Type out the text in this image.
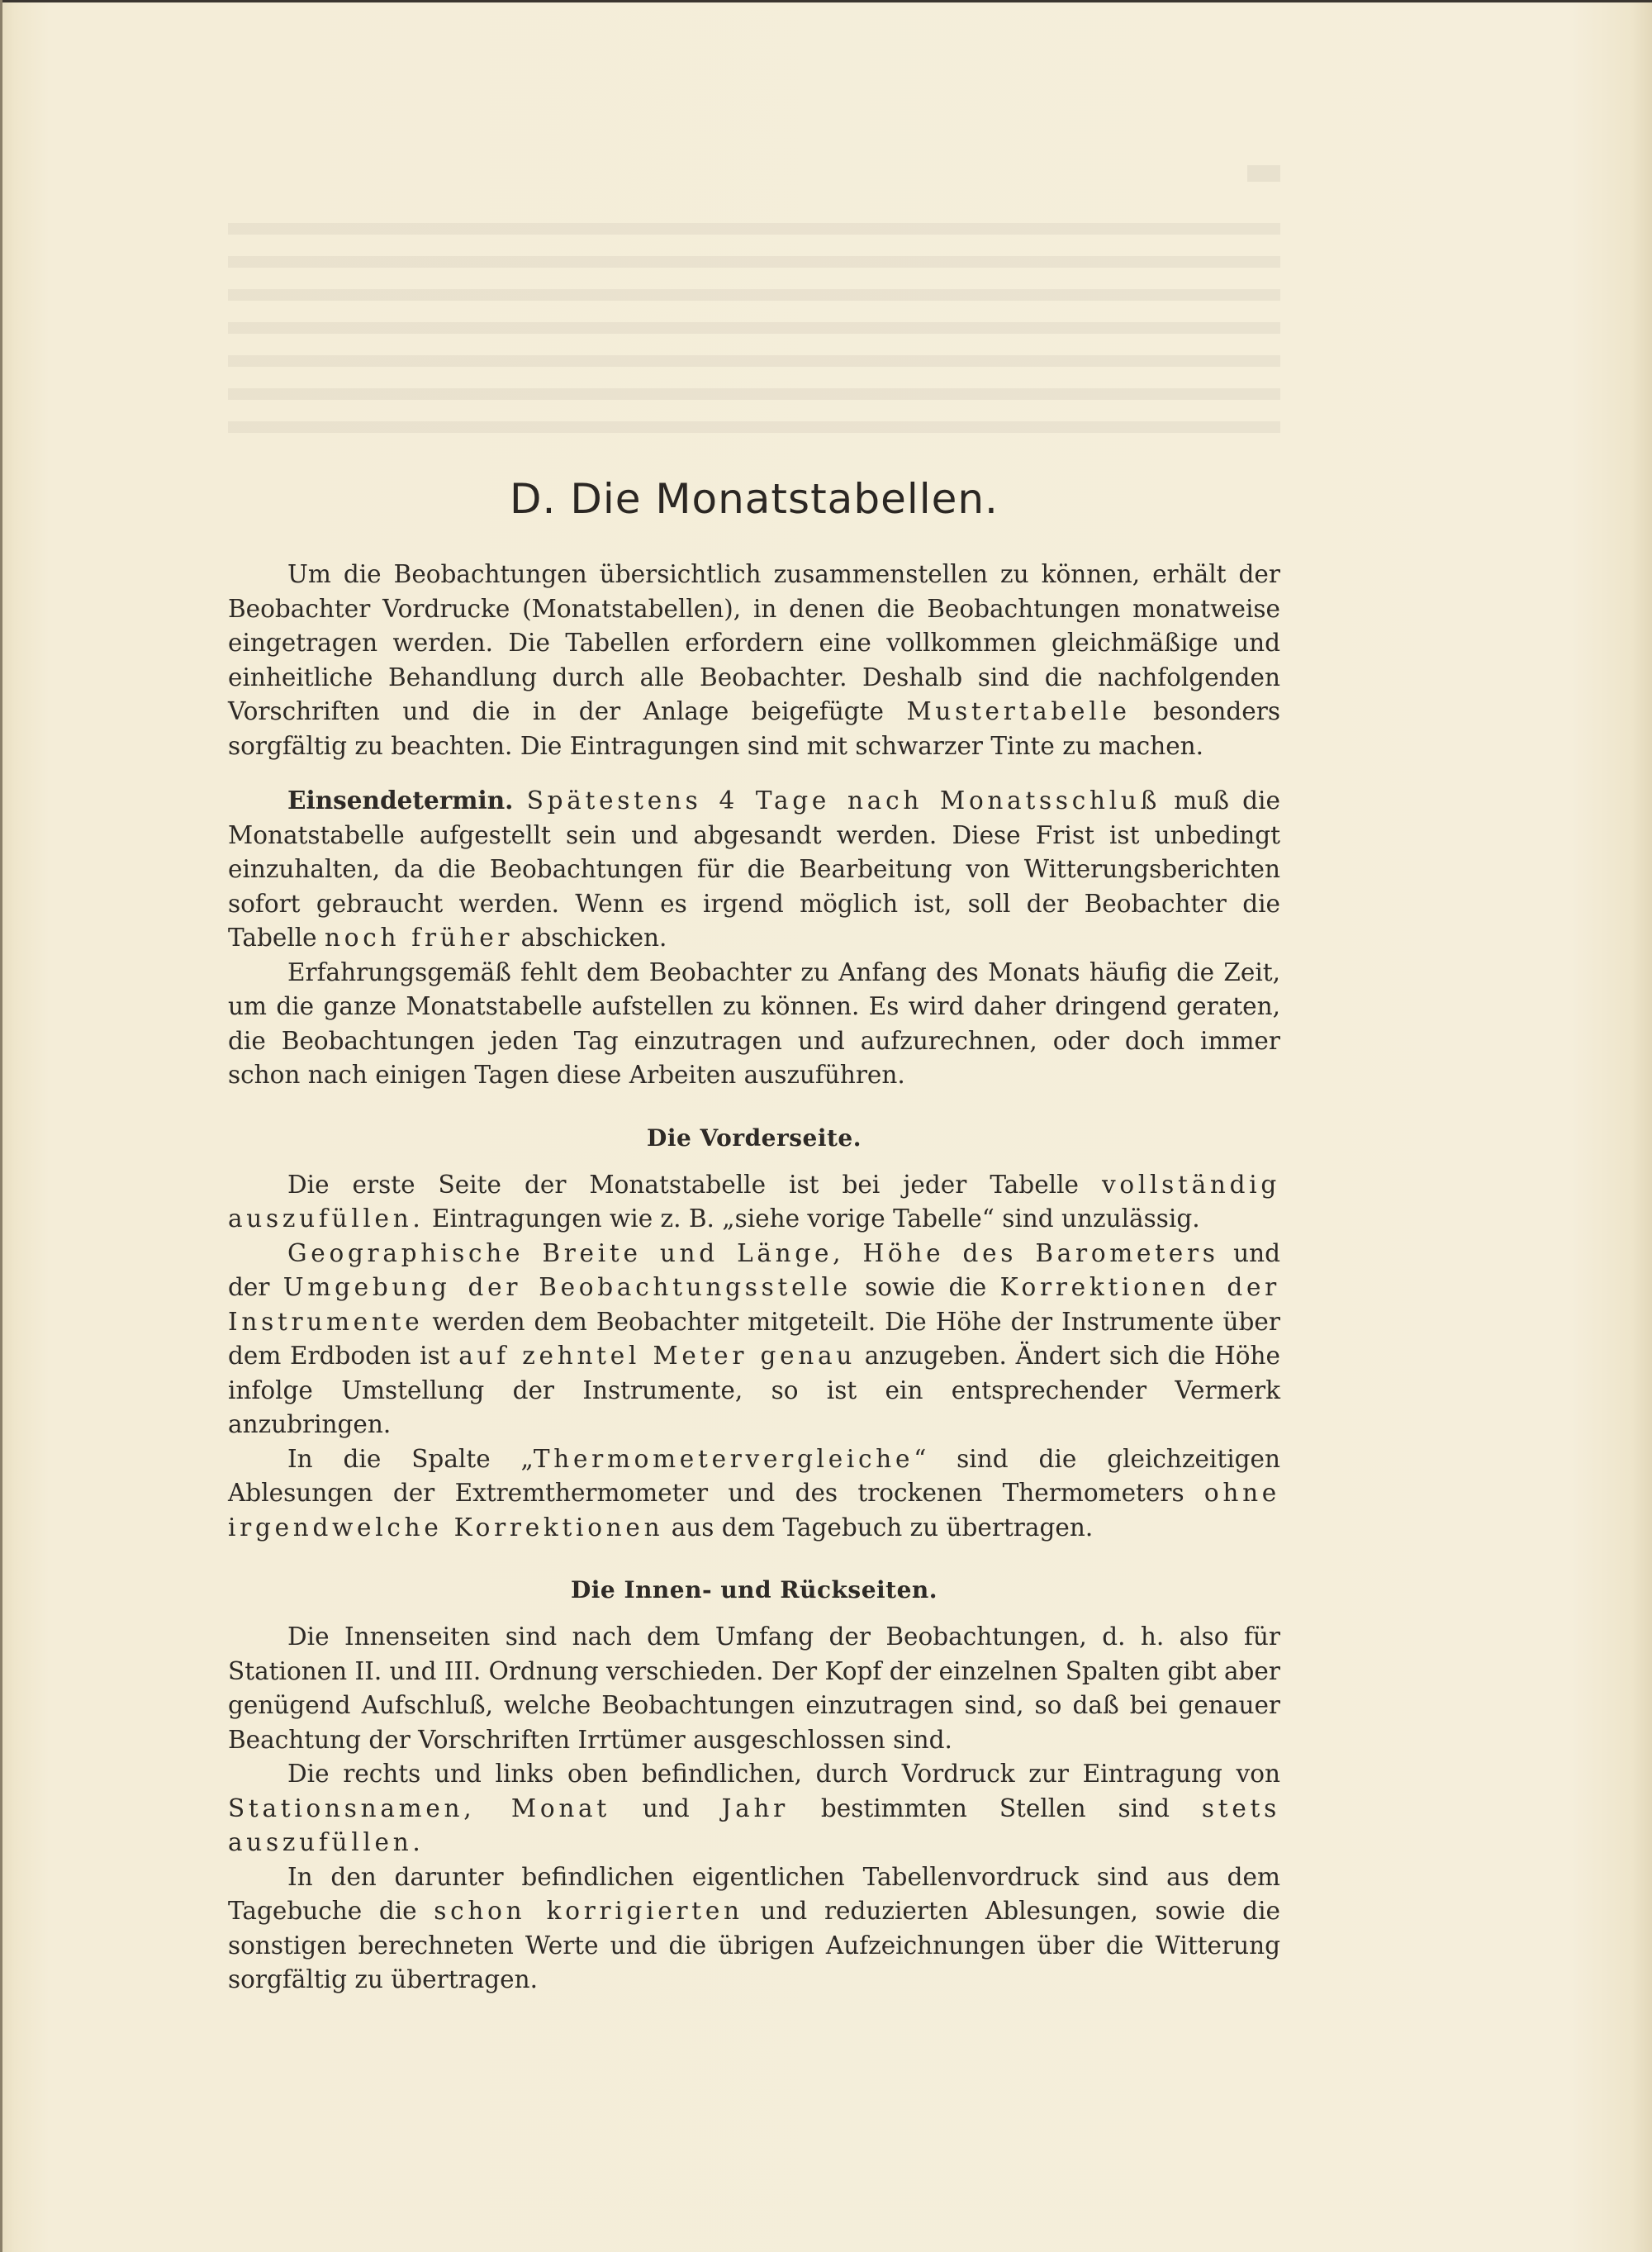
D. Die Monatstabellen.

Um die Beobachtungen übersichtlich zusammenstellen zu können, erhält der Beobachter Vordrucke (Monatstabellen), in denen die Beobachtungen monatweise eingetragen werden. Die Tabellen erfordern eine vollkommen gleichmäßige und einheitliche Behandlung durch alle Beobachter. Deshalb sind die nachfolgenden Vorschriften und die in der Anlage beigefügte Mustertabelle besonders sorgfältig zu beachten. Die Eintragungen sind mit schwarzer Tinte zu machen.

Einsendetermin. Spätestens 4 Tage nach Monatsschluß muß die Monatstabelle aufgestellt sein und abgesandt werden. Diese Frist ist unbedingt einzuhalten, da die Beobachtungen für die Bearbeitung von Witterungsberichten sofort gebraucht werden. Wenn es irgend möglich ist, soll der Beobachter die Tabelle noch früher abschicken.

Erfahrungsgemäß fehlt dem Beobachter zu Anfang des Monats häufig die Zeit, um die ganze Monatstabelle aufstellen zu können. Es wird daher dringend geraten, die Beobachtungen jeden Tag einzutragen und aufzurechnen, oder doch immer schon nach einigen Tagen diese Arbeiten auszuführen.

Die Vorderseite.

Die erste Seite der Monatstabelle ist bei jeder Tabelle vollständig auszufüllen. Eintragungen wie z. B. „siehe vorige Tabelle“ sind unzulässig.

Geographische Breite und Länge, Höhe des Barometers und der Umgebung der Beobachtungsstelle sowie die Korrektionen der Instrumente werden dem Beobachter mitgeteilt. Die Höhe der Instrumente über dem Erdboden ist auf zehntel Meter genau anzugeben. Ändert sich die Höhe infolge Umstellung der Instrumente, so ist ein entsprechender Vermerk anzubringen.

In die Spalte „Thermometervergleiche“ sind die gleichzeitigen Ablesungen der Extremthermometer und des trockenen Thermometers ohne irgendwelche Korrektionen aus dem Tagebuch zu übertragen.

Die Innen- und Rückseiten.

Die Innenseiten sind nach dem Umfang der Beobachtungen, d. h. also für Stationen II. und III. Ordnung verschieden. Der Kopf der einzelnen Spalten gibt aber genügend Aufschluß, welche Beobachtungen einzutragen sind, so daß bei genauer Beachtung der Vorschriften Irrtümer ausgeschlossen sind.

Die rechts und links oben befindlichen, durch Vordruck zur Eintragung von Stationsnamen, Monat und Jahr bestimmten Stellen sind stets auszufüllen.

In den darunter befindlichen eigentlichen Tabellenvordruck sind aus dem Tagebuche die schon korrigierten und reduzierten Ablesungen, sowie die sonstigen berechneten Werte und die übrigen Aufzeichnungen über die Witterung sorgfältig zu übertragen.
